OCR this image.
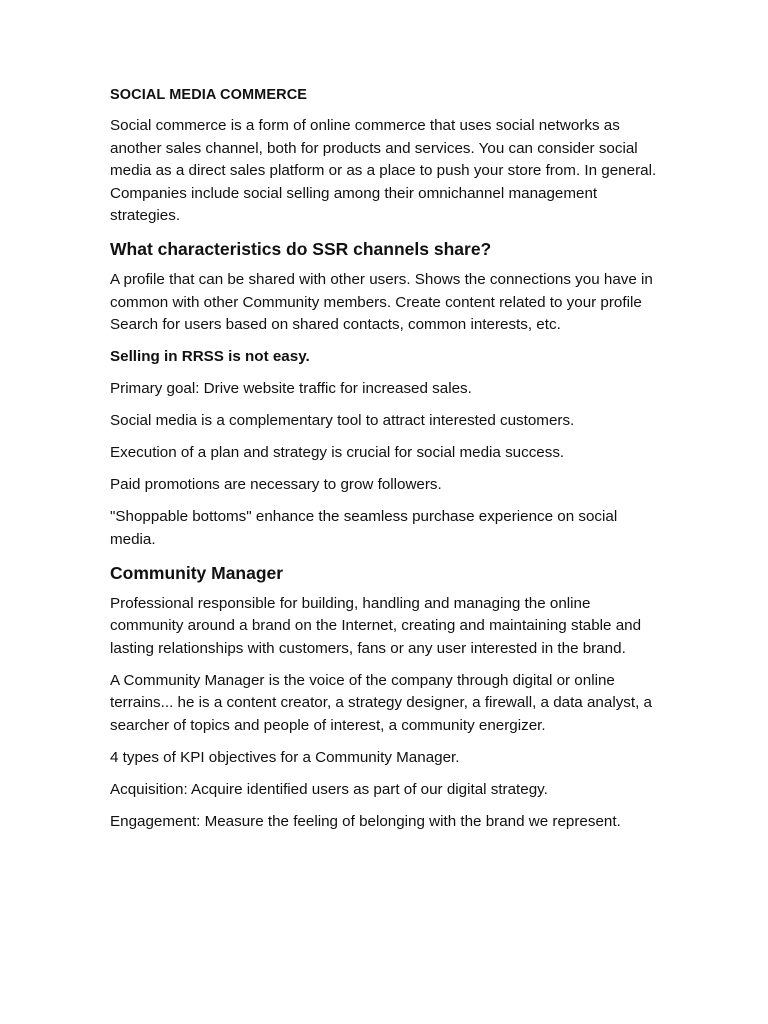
SOCIAL MEDIA COMMERCE

Social commerce is a form of online commerce that uses social networks as another sales channel, both for products and services. You can consider social media as a direct sales platform or as a place to push your store from. In general. Companies include social selling among their omnichannel management strategies.

What characteristics do SSR channels share?

A profile that can be shared with other users. Shows the connections you have in common with other Community members. Create content related to your profile Search for users based on shared contacts, common interests, etc.

Selling in RRSS is not easy.

Primary goal: Drive website traffic for increased sales.

Social media is a complementary tool to attract interested customers.

Execution of a plan and strategy is crucial for social media success.

Paid promotions are necessary to grow followers.

"Shoppable bottoms" enhance the seamless purchase experience on social media.

Community Manager

Professional responsible for building, handling and managing the online community around a brand on the Internet, creating and maintaining stable and lasting relationships with customers, fans or any user interested in the brand.

A Community Manager is the voice of the company through digital or online terrains... he is a content creator, a strategy designer, a firewall, a data analyst, a searcher of topics and people of interest, a community energizer.

4 types of KPI objectives for a Community Manager.

Acquisition: Acquire identified users as part of our digital strategy.

Engagement: Measure the feeling of belonging with the brand we represent.
